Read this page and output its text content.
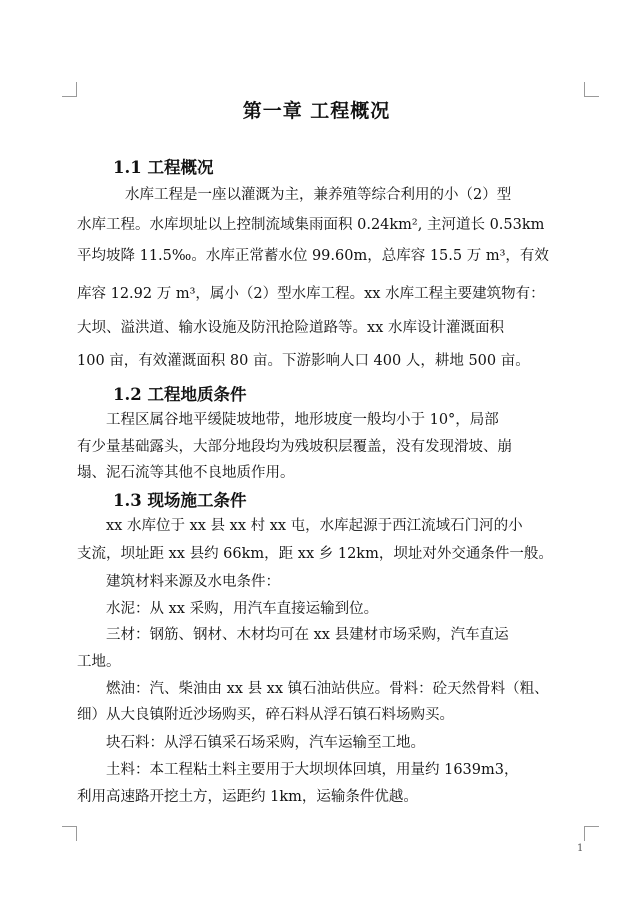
第一章 工程概况
1.1 工程概况
水库工程是一座以灌溉为主，兼养殖等综合利用的小（2）型
水库工程。水库坝址以上控制流域集雨面积 0.24km², 主河道长 0.53km
平均坡降 11.5‰。水库正常蓄水位 99.60m，总库容 15.5 万 m³，有效
库容 12.92 万 m³，属小（2）型水库工程。xx 水库工程主要建筑物有：
大坝、溢洪道、输水设施及防汛抢险道路等。xx 水库设计灌溉面积
100 亩，有效灌溉面积 80 亩。下游影响人口 400 人，耕地 500 亩。
1.2 工程地质条件
工程区属谷地平缓陡坡地带，地形坡度一般均小于 10°，局部
有少量基础露头，大部分地段均为残坡积层覆盖，没有发现滑坡、崩
塌、泥石流等其他不良地质作用。
1.3 现场施工条件
xx 水库位于 xx 县 xx 村 xx 屯，水库起源于西江流域石门河的小
支流，坝址距 xx 县约 66km，距 xx 乡 12km，坝址对外交通条件一般。
建筑材料来源及水电条件：
水泥：从 xx 采购，用汽车直接运输到位。
三材：钢筋、钢材、木材均可在 xx 县建材市场采购，汽车直运
工地。
燃油：汽、柴油由 xx 县 xx 镇石油站供应。骨料：砼天然骨料（粗、
细）从大良镇附近沙场购买，碎石料从浮石镇石料场购买。
块石料：从浮石镇采石场采购，汽车运输至工地。
土料：本工程粘土料主要用于大坝坝体回填，用量约 1639m3，
利用高速路开挖土方，运距约 1km，运输条件优越。
1
